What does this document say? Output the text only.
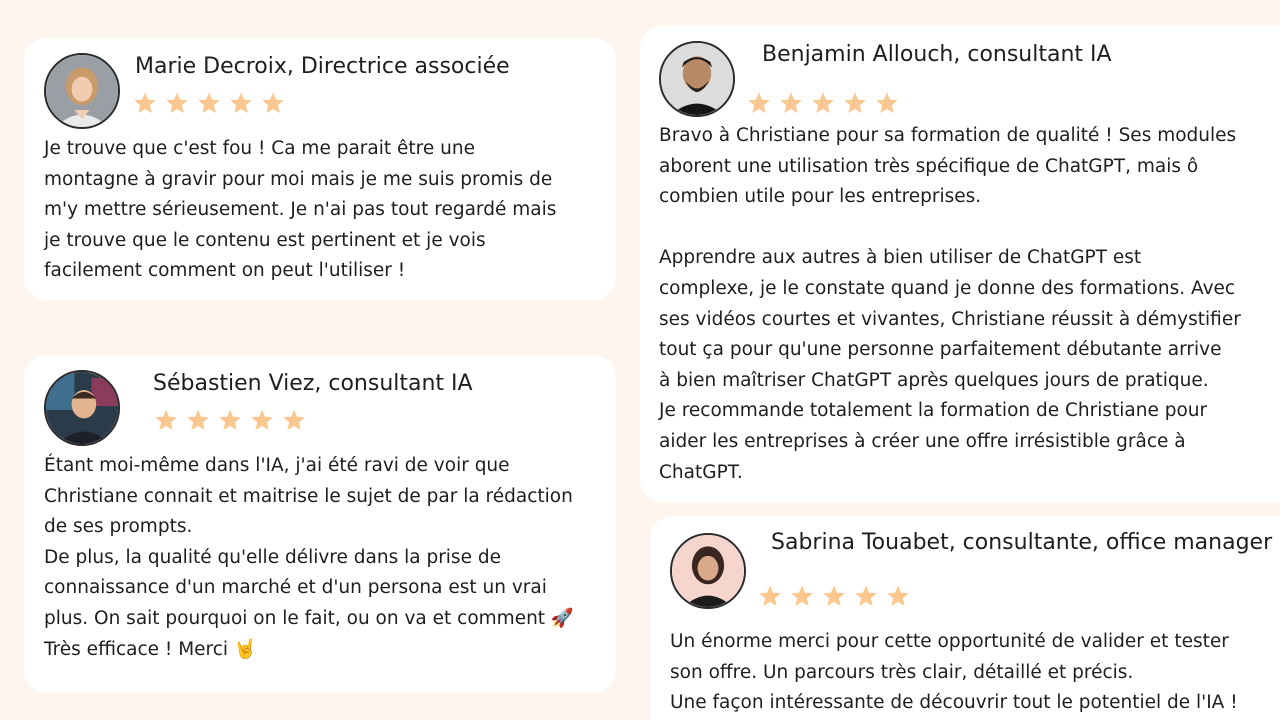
Marie Decroix, Directrice associée
Je trouve que c'est fou ! Ca me parait être une
montagne à gravir pour moi mais je me suis promis de
m'y mettre sérieusement. Je n'ai pas tout regardé mais
je trouve que le contenu est pertinent et je vois
facilement comment on peut l'utiliser !
Sébastien Viez, consultant IA
Étant moi-même dans l'IA, j'ai été ravi de voir que
Christiane connait et maitrise le sujet de par la rédaction
de ses prompts.
De plus, la qualité qu'elle délivre dans la prise de
connaissance d'un marché et d'un persona est un vrai
plus. On sait pourquoi on le fait, ou on va et comment 🚀
Très efficace ! Merci 🤘
Benjamin Allouch, consultant IA
Bravo à Christiane pour sa formation de qualité ! Ses modules
aborent une utilisation très spécifique de ChatGPT, mais ô
combien utile pour les entreprises.

Apprendre aux autres à bien utiliser de ChatGPT est
complexe, je le constate quand je donne des formations. Avec
ses vidéos courtes et vivantes, Christiane réussit à démystifier
tout ça pour qu'une personne parfaitement débutante arrive
à bien maîtriser ChatGPT après quelques jours de pratique.
Je recommande totalement la formation de Christiane pour
aider les entreprises à créer une offre irrésistible grâce à
ChatGPT.
Sabrina Touabet, consultante, office manager
Un énorme merci pour cette opportunité de valider et tester
son offre. Un parcours très clair, détaillé et précis.
Une façon intéressante de découvrir tout le potentiel de l'IA !
